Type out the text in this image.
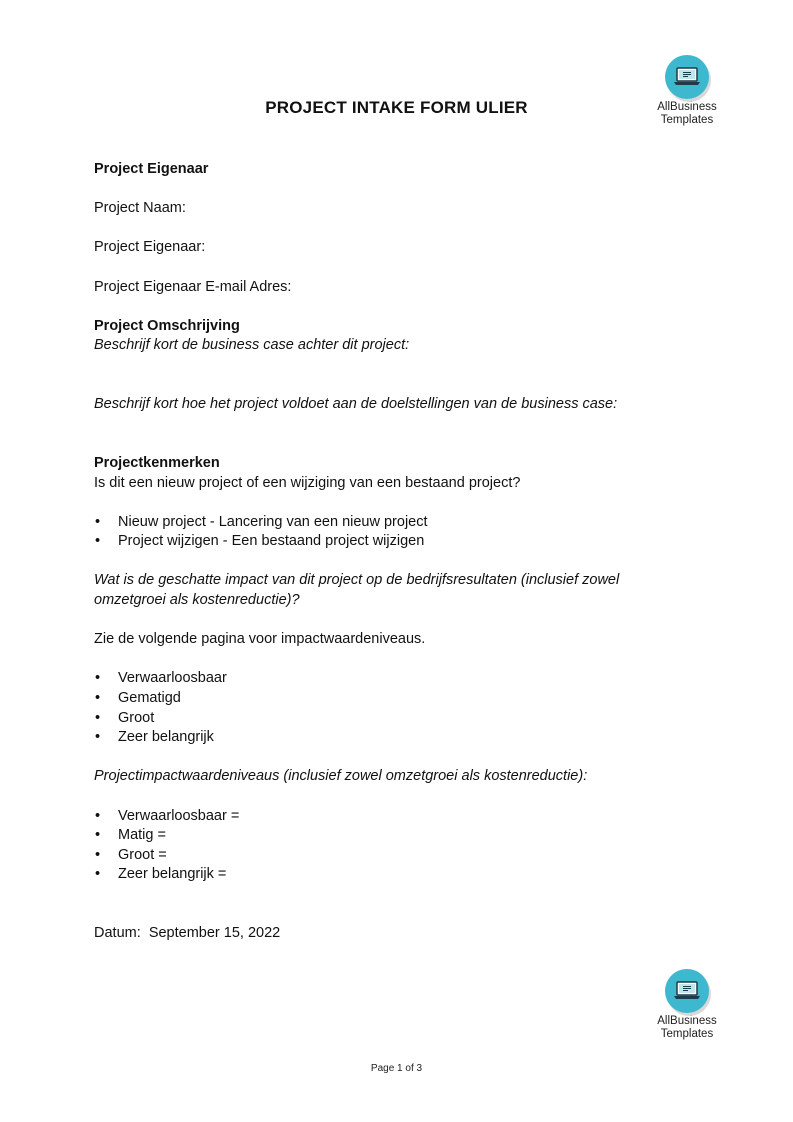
AllBusiness
Templates
PROJECT INTAKE FORM ULIER

Project Eigenaar

Project Naam:

Project Eigenaar:

Project Eigenaar E-mail Adres:

Project Omschrijving

Beschrijf kort de business case achter dit project:

Beschrijf kort hoe het project voldoet aan de doelstellingen van de business case:

Projectkenmerken

Is dit een nieuw project of een wijziging van een bestaand project?

• Nieuw project - Lancering van een nieuw project
• Project wijzigen - Een bestaand project wijzigen

Wat is de geschatte impact van dit project op de bedrijfsresultaten (inclusief zowel

omzetgroei als kostenreductie)?

Zie de volgende pagina voor impactwaardeniveaus.

• Verwaarloosbaar
• Gematigd
• Groot
• Zeer belangrijk

Projectimpactwaardeniveaus (inclusief zowel omzetgroei als kostenreductie):

• Verwaarloosbaar =
• Matig =
• Groot =
• Zeer belangrijk =

Datum: September 15, 2022

AllBusiness
Templates
Page 1 of 3
